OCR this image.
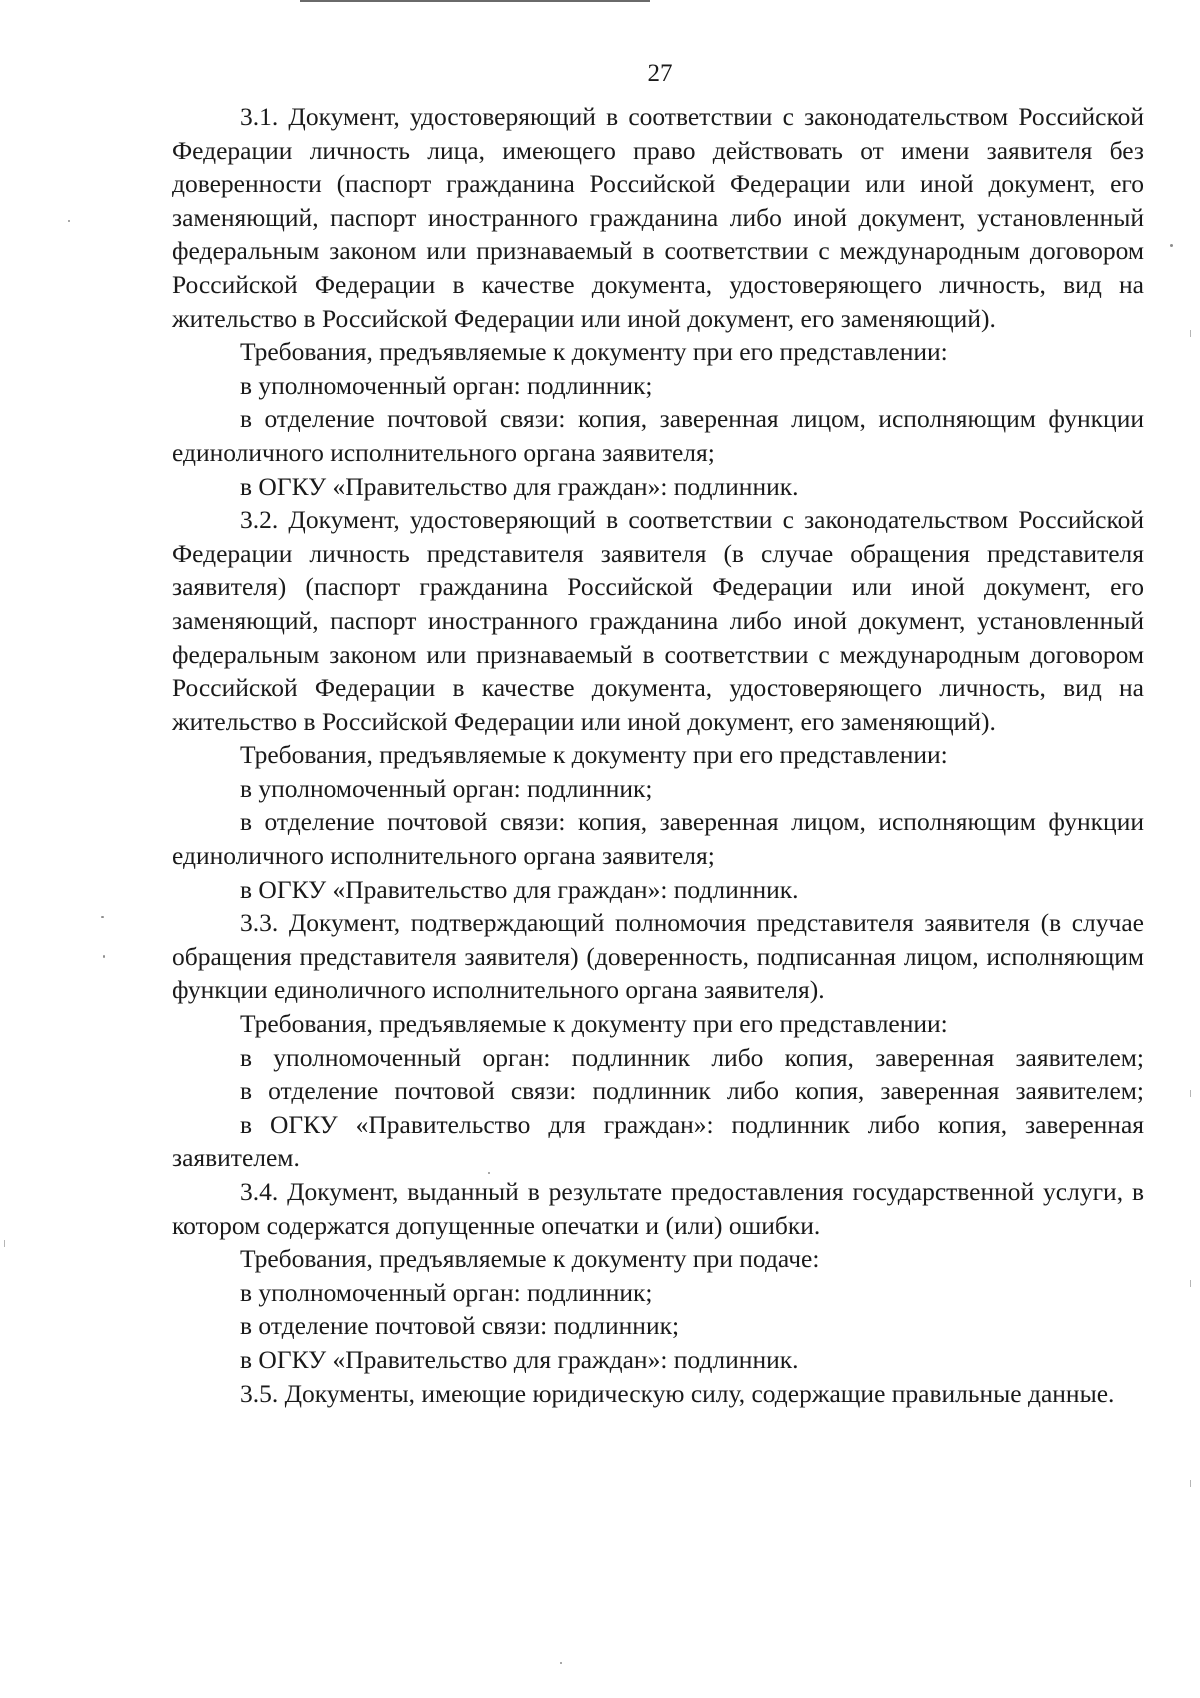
27

3.1. Документ, удостоверяющий в соответствии с законодательством Российской Федерации личность лица, имеющего право действовать от имени заявителя без доверенности (паспорт гражданина Российской Федерации или иной документ, его заменяющий, паспорт иностранного гражданина либо иной документ, установленный федеральным законом или признаваемый в соответствии с международным договором Российской Федерации в качестве документа, удостоверяющего личность, вид на жительство в Российской Федерации или иной документ, его заменяющий).

Требования, предъявляемые к документу при его представлении:

в уполномоченный орган: подлинник;

в отделение почтовой связи: копия, заверенная лицом, исполняющим функции единоличного исполнительного органа заявителя;

в ОГКУ «Правительство для граждан»: подлинник.

3.2. Документ, удостоверяющий в соответствии с законодательством Российской Федерации личность представителя заявителя (в случае обращения представителя заявителя) (паспорт гражданина Российской Федерации или иной документ, его заменяющий, паспорт иностранного гражданина либо иной документ, установленный федеральным законом или признаваемый в соответствии с международным договором Российской Федерации в качестве документа, удостоверяющего личность, вид на жительство в Российской Федерации или иной документ, его заменяющий).

Требования, предъявляемые к документу при его представлении:

в уполномоченный орган: подлинник;

в отделение почтовой связи: копия, заверенная лицом, исполняющим функции единоличного исполнительного органа заявителя;

в ОГКУ «Правительство для граждан»: подлинник.

3.3. Документ, подтверждающий полномочия представителя заявителя (в случае обращения представителя заявителя) (доверенность, подписанная лицом, исполняющим функции единоличного исполнительного органа заявителя).

Требования, предъявляемые к документу при его представлении:

в уполномоченный орган: подлинник либо копия, заверенная заявителем;

в отделение почтовой связи: подлинник либо копия, заверенная заявителем;

в ОГКУ «Правительство для граждан»: подлинник либо копия, заверенная заявителем.

3.4. Документ, выданный в результате предоставления государственной услуги, в котором содержатся допущенные опечатки и (или) ошибки.

Требования, предъявляемые к документу при подаче:

в уполномоченный орган: подлинник;

в отделение почтовой связи: подлинник;

в ОГКУ «Правительство для граждан»: подлинник.

3.5. Документы, имеющие юридическую силу, содержащие правильные данные.
